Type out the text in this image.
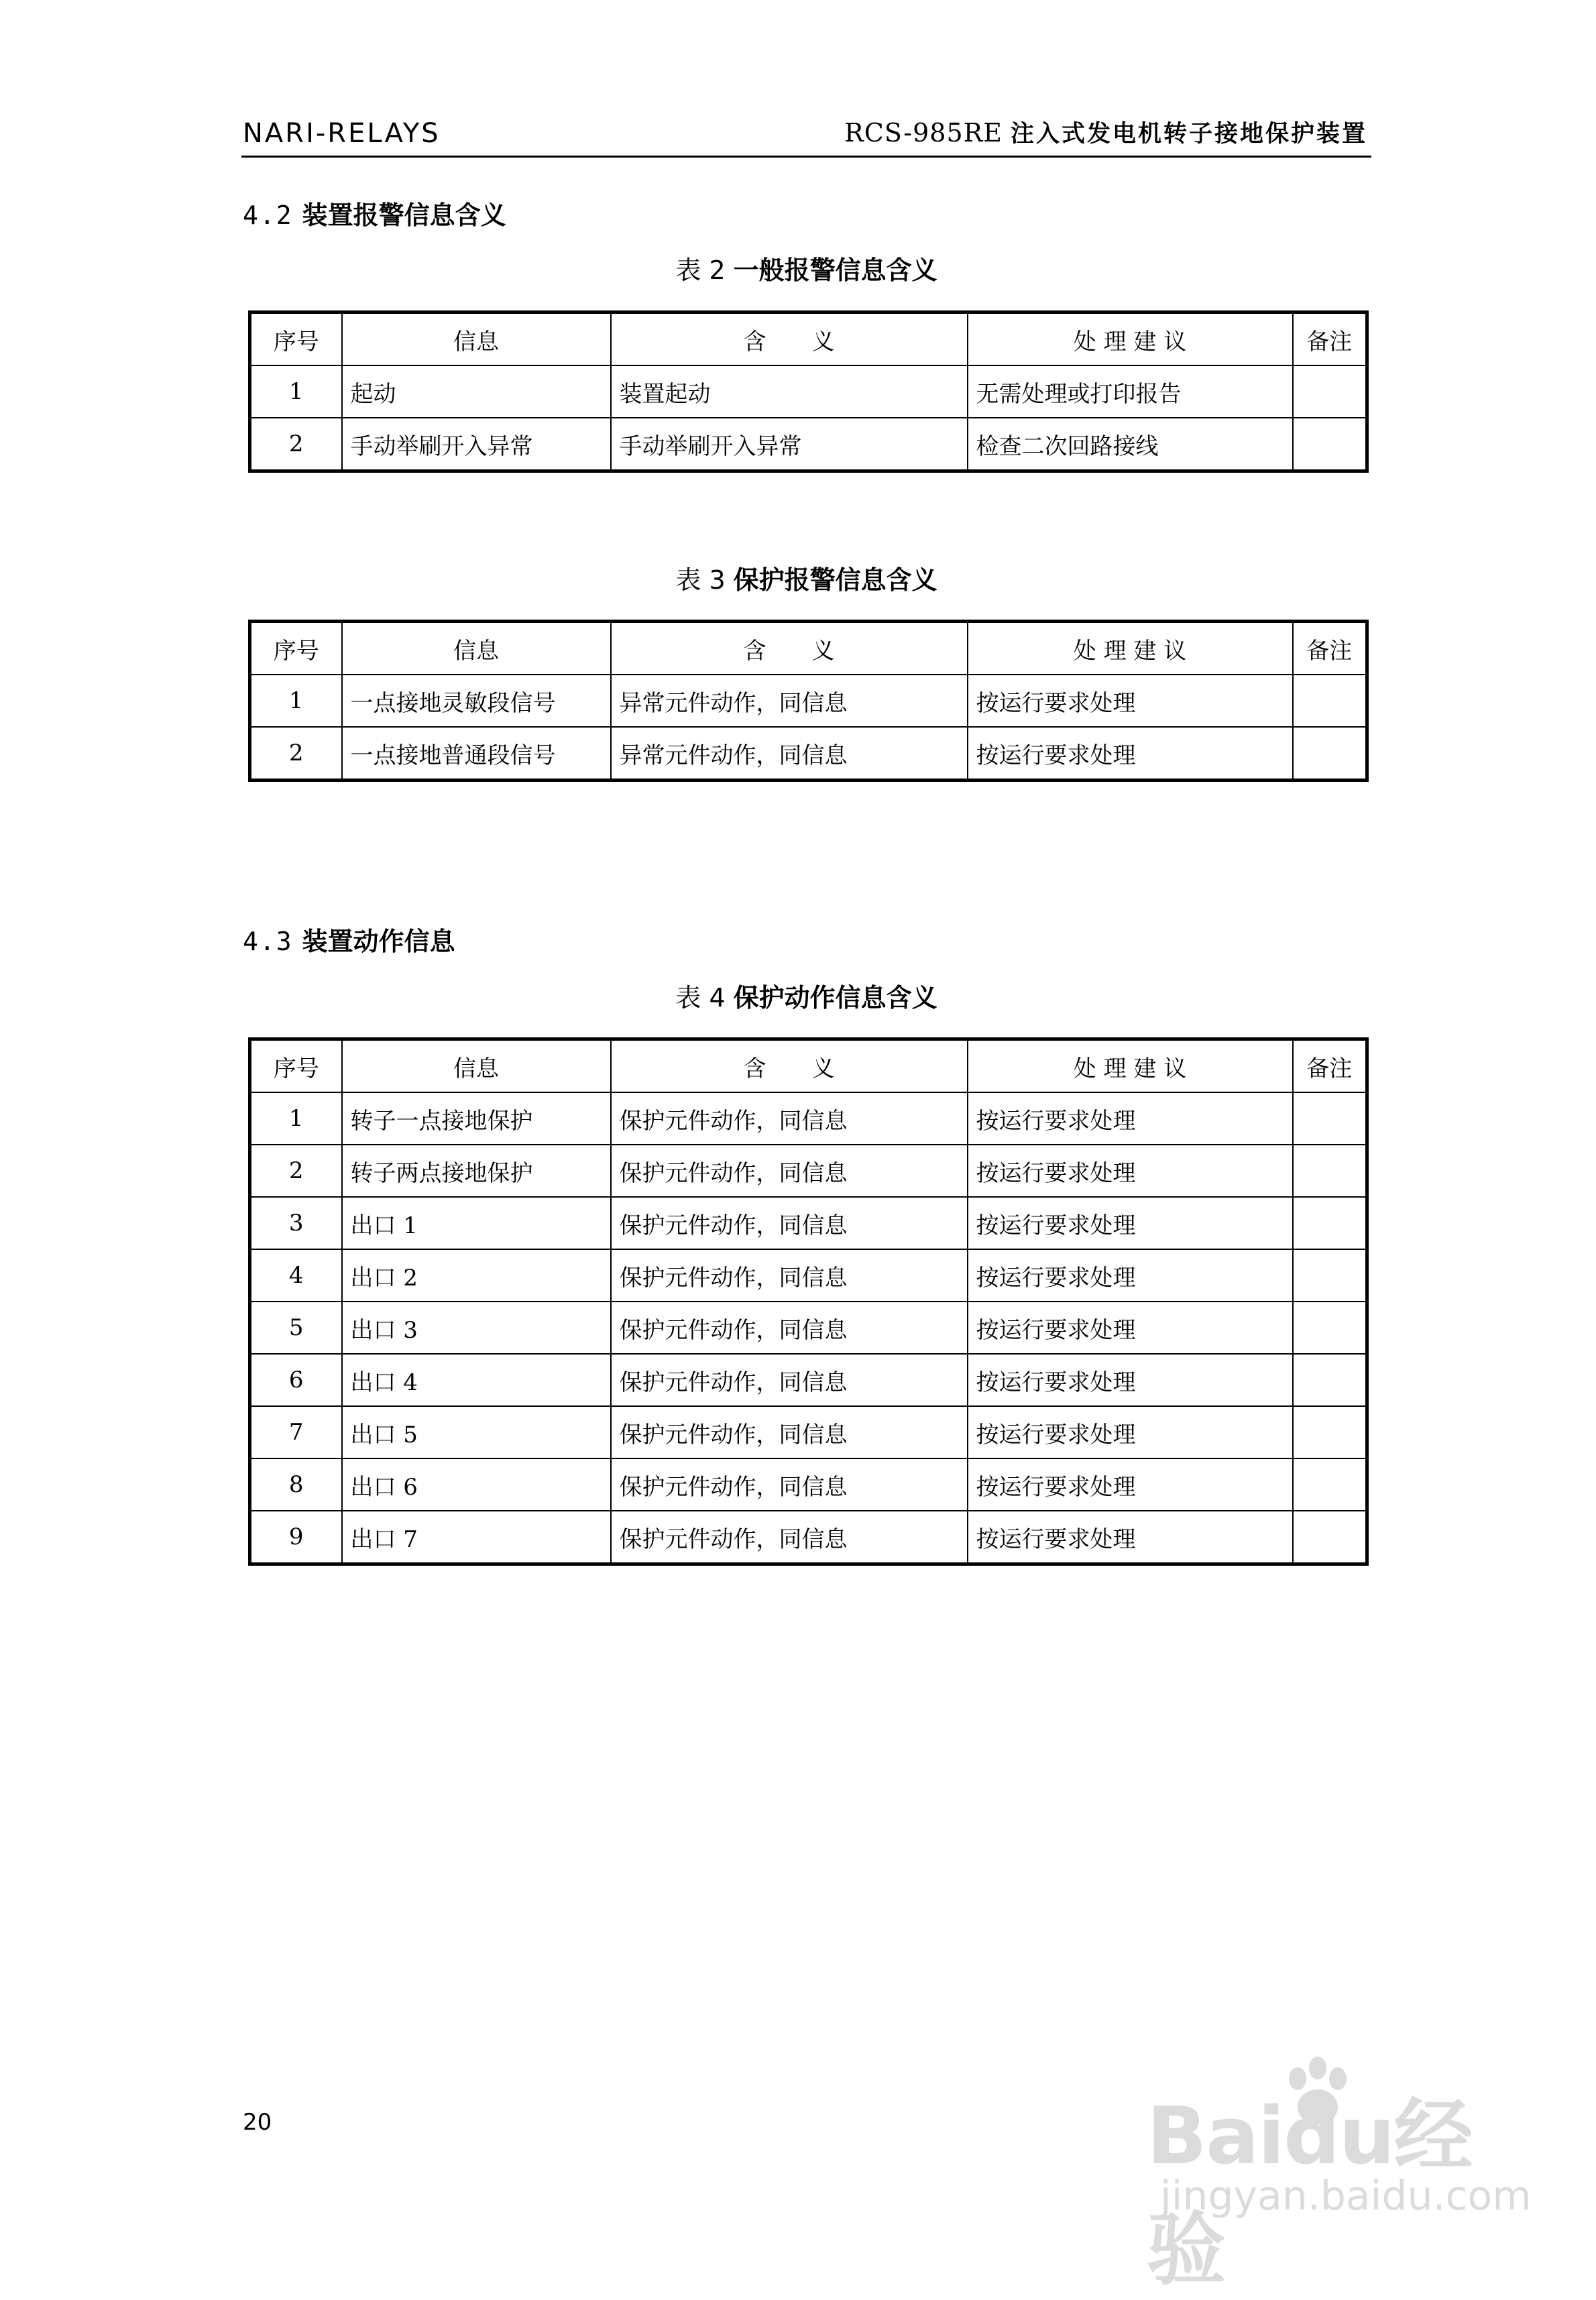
NARI-RELAYS	RCS-985RE 注入式发电机转子接地保护装置
4.2 装置报警信息含义
表 2 一般报警信息含义
序号	信息	含　　义	处 理 建 议	备注
1	起动	装置起动	无需处理或打印报告	
2	手动举刷开入异常	手动举刷开入异常	检查二次回路接线	
表 3 保护报警信息含义
序号	信息	含　　义	处 理 建 议	备注
1	一点接地灵敏段信号	异常元件动作，同信息	按运行要求处理	
2	一点接地普通段信号	异常元件动作，同信息	按运行要求处理	
4.3 装置动作信息
表 4 保护动作信息含义
序号	信息	含　　义	处 理 建 议	备注
1	转子一点接地保护	保护元件动作，同信息	按运行要求处理	
2	转子两点接地保护	保护元件动作，同信息	按运行要求处理	
3	出口 1	保护元件动作，同信息	按运行要求处理	
4	出口 2	保护元件动作，同信息	按运行要求处理	
5	出口 3	保护元件动作，同信息	按运行要求处理	
6	出口 4	保护元件动作，同信息	按运行要求处理	
7	出口 5	保护元件动作，同信息	按运行要求处理	
8	出口 6	保护元件动作，同信息	按运行要求处理	
9	出口 7	保护元件动作，同信息	按运行要求处理	
20	Baidu经验
jingyan.baidu.com
